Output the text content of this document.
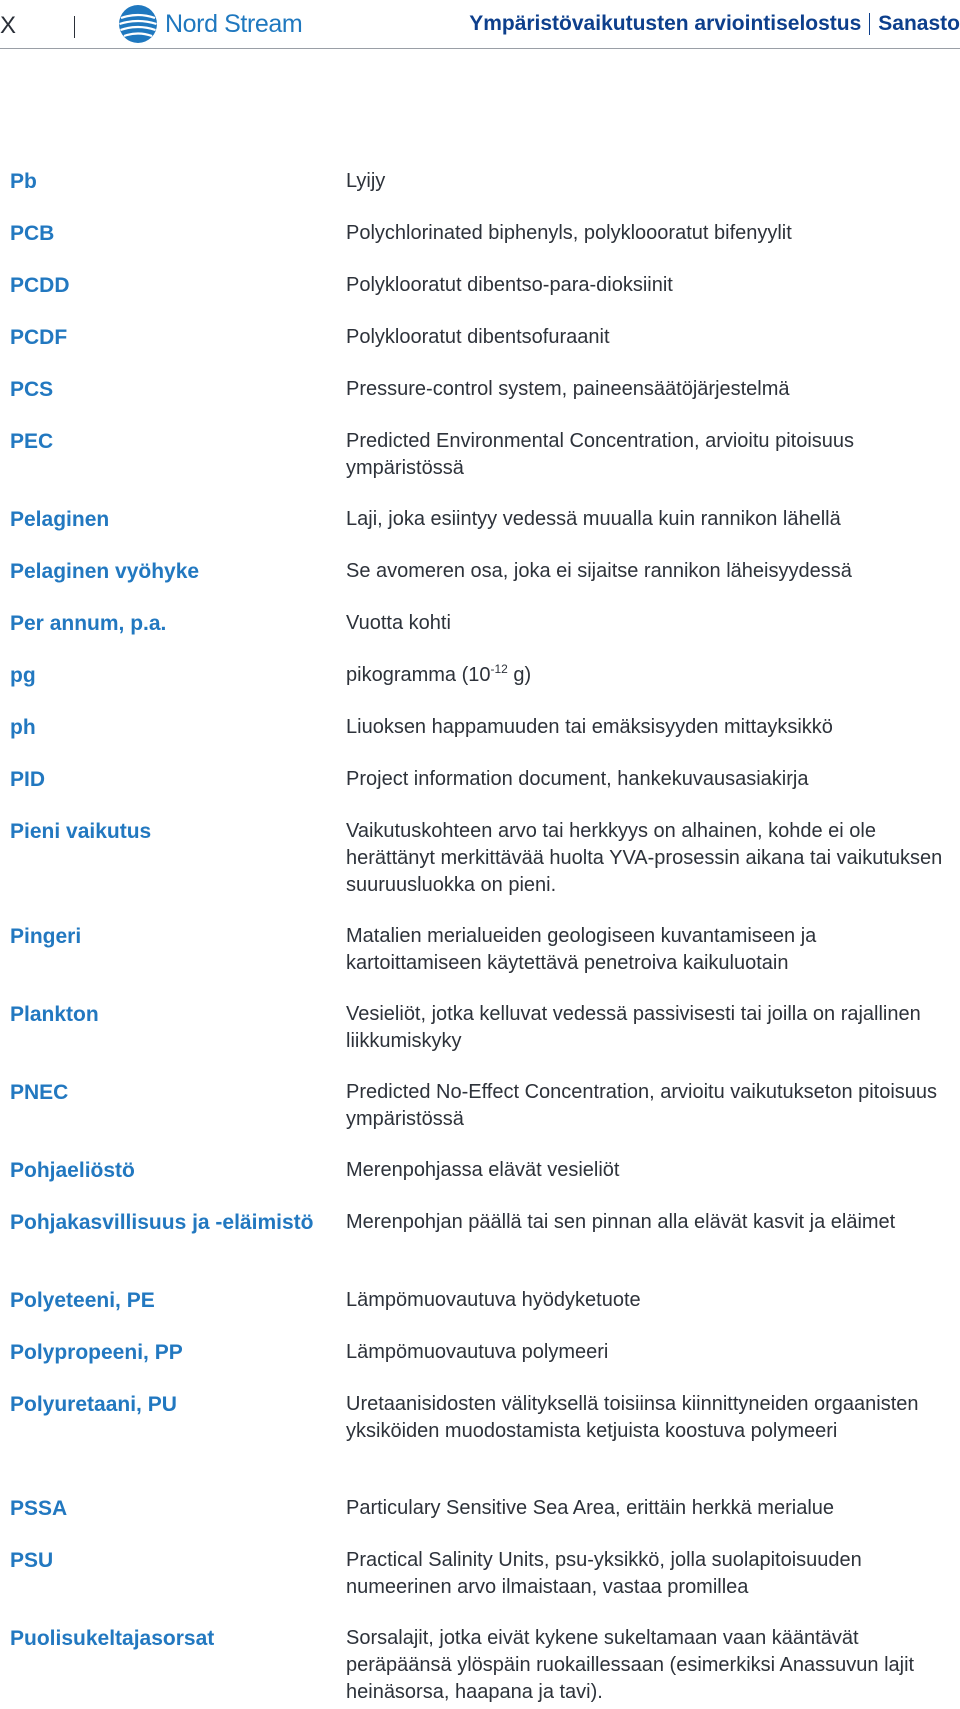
X	Nord Stream	Ympäristövaikutusten arviointiselostus Sanasto
Pb	Lyijy
PCB	Polychlorinated biphenyls, polykloooratut bifenyylit
PCDD	Polyklooratut dibentso-para-dioksiinit
PCDF	Polyklooratut dibentsofuraanit
PCS	Pressure-control system, paineensäätöjärjestelmä
PEC	Predicted Environmental Concentration, arvioitu pitoisuus ympäristössä
Pelaginen	Laji, joka esiintyy vedessä muualla kuin rannikon lähellä
Pelaginen vyöhyke	Se avomeren osa, joka ei sijaitse rannikon läheisyydessä
Per annum, p.a.	Vuotta kohti
pg	pikogramma ($10^{-12}$ g)
ph	Liuoksen happamuuden tai emäksisyyden mittayksikkö
PID	Project information document, hankekuvausasiakirja
Pieni vaikutus	Vaikutuskohteen arvo tai herkkyys on alhainen, kohde ei ole herättänyt merkittävää huolta YVA-prosessin aikana tai vaikutuksen suuruusluokka on pieni.
Pingeri	Matalien merialueiden geologiseen kuvantamiseen ja kartoittamiseen käytettävä penetroiva kaikuluotain
Plankton	Vesieliöt, jotka kelluvat vedessä passivisesti tai joilla on rajallinen liikkumiskyky
PNEC	Predicted No-Effect Concentration, arvioitu vaikutukseton pitoisuus ympäristössä
Pohjaeliöstö	Merenpohjassa elävät vesieliöt
Pohjakasvillisuus ja -eläimistö	Merenpohjan päällä tai sen pinnan alla elävät kasvit ja eläimet
Polyeteeni, PE	Lämpömuovautuva hyödyketuote
Polypropeeni, PP	Lämpömuovautuva polymeeri
Polyuretaani, PU	Uretaanisidosten välityksellä toisiinsa kiinnittyneiden orgaanisten yksiköiden muodostamista ketjuista koostuva polymeeri
PSSA	Particulary Sensitive Sea Area, erittäin herkkä merialue
PSU	Practical Salinity Units, psu-yksikkö, jolla suolapitoisuuden numeerinen arvo ilmaistaan, vastaa promillea
Puolisukeltajasorsat	Sorsalajit, jotka eivät kykene sukeltamaan vaan kääntävät peräpäänsä ylöspäin ruokaillessaan (esimerkiksi Anassuvun lajit heinäsorsa, haapana ja tavi).
